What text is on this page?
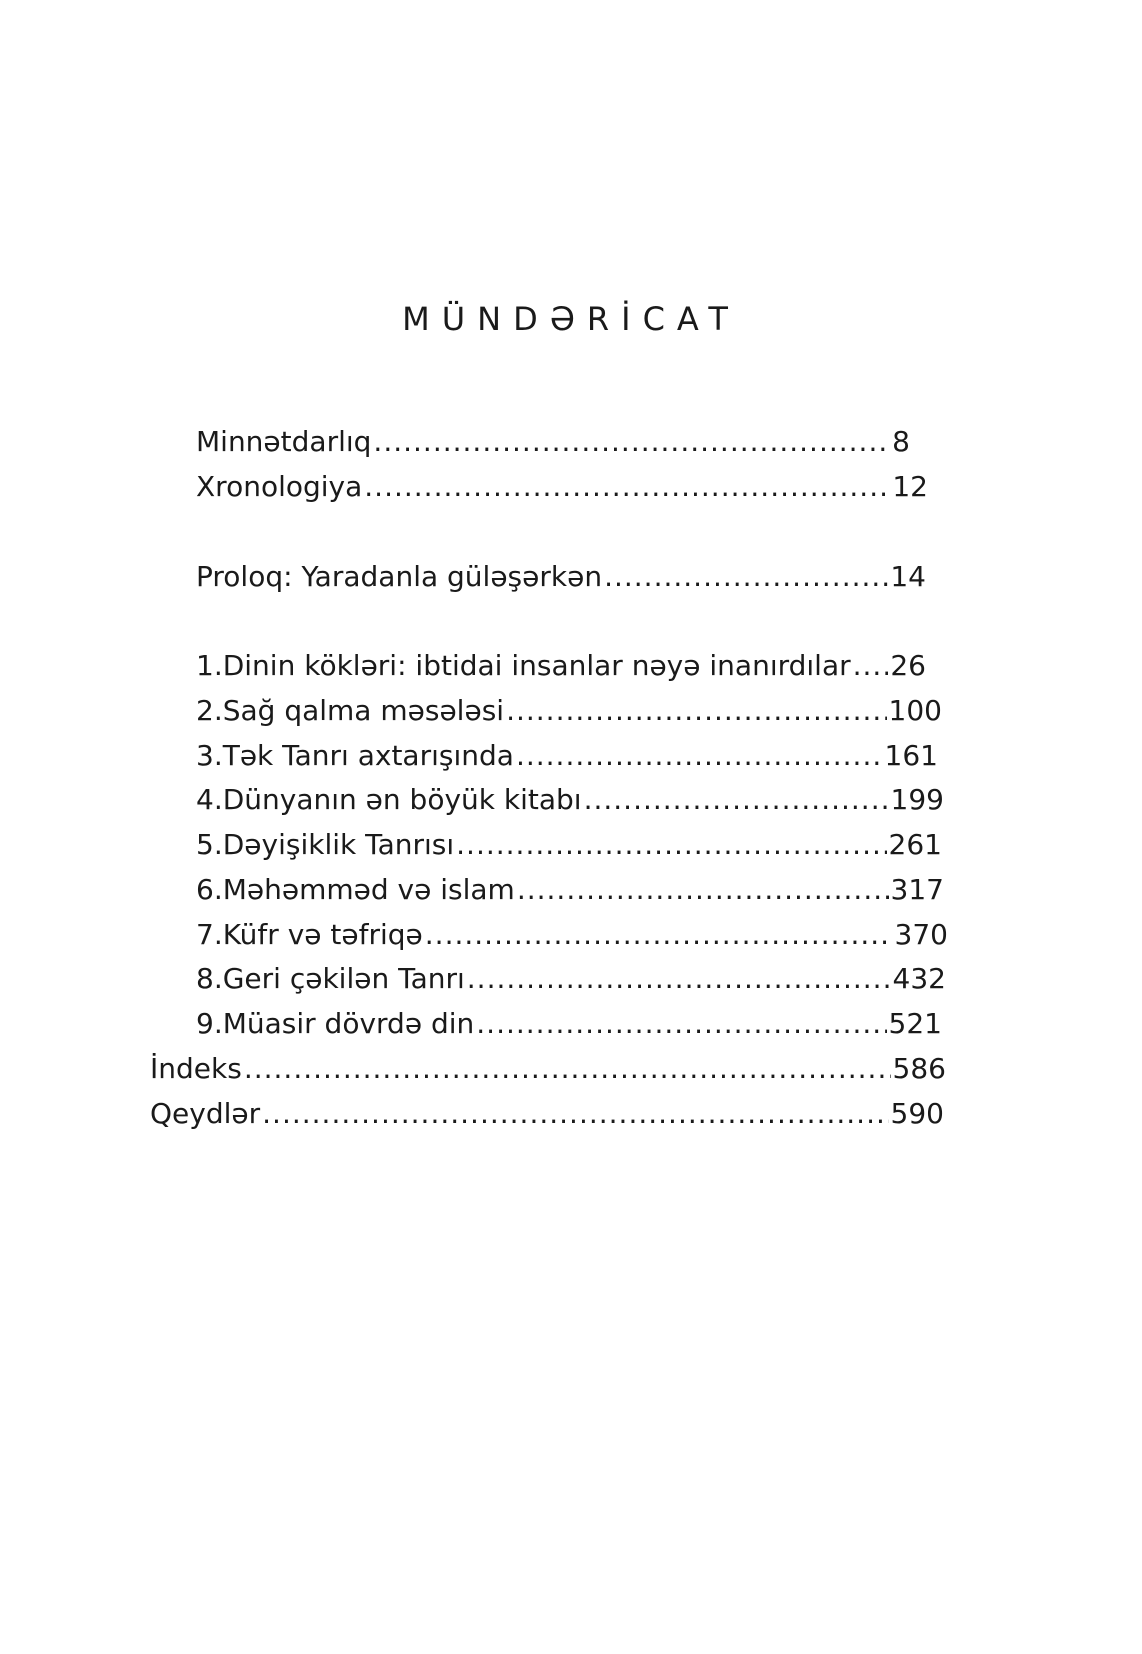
MÜNDƏRİCAT
Minnətdarlıq .....	8
Xronologiya .....	12
Proloq: Yaradanla güləşərkən .....	14
1. Dinin kökləri: ibtidai insanlar nəyə inanırdılar ..... 26
2. Sağ qalma məsələsi .....	100
3. Tək Tanrı axtarışında .....	161
4. Dünyanın ən böyük kitabı .....	199
5. Dəyişiklik Tanrısı .....	261
6. Məhəmməd və islam .....	317
7. Küfr və təfriqə .....	370
8. Geri çəkilən Tanrı .....	432
9. Müasir dövrdə din .....	521
İndeks .....	586
Qeydlər .....	590
